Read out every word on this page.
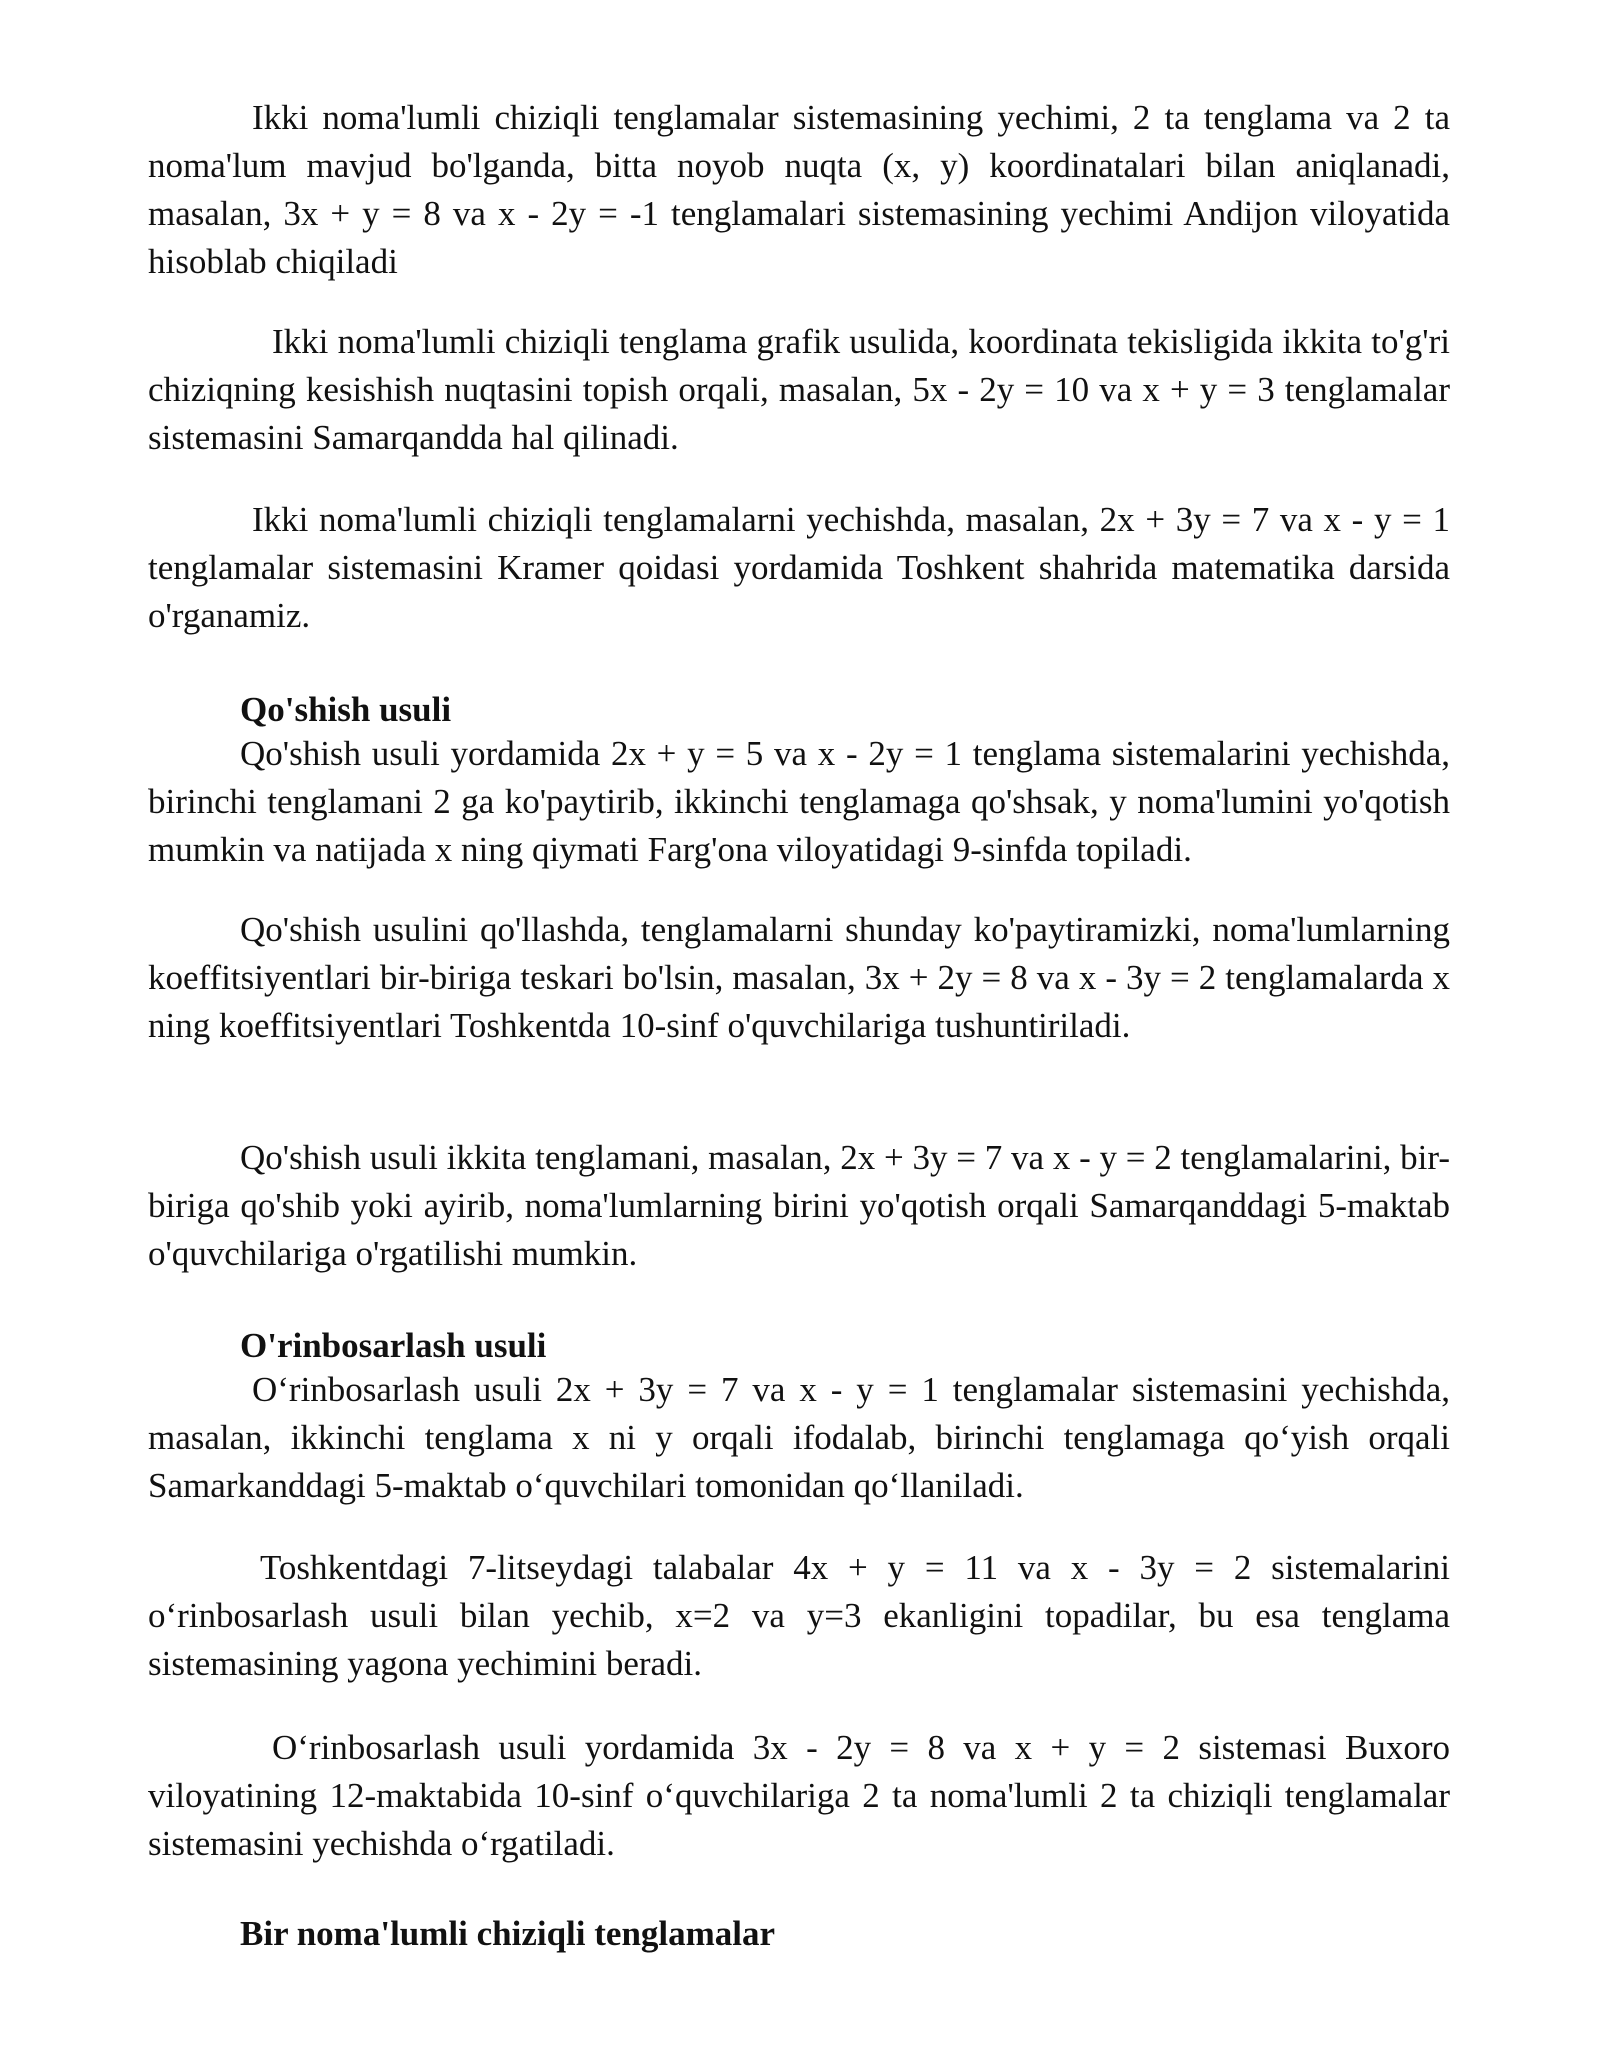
Ikki noma'lumli chiziqli tenglamalar sistemasining yechimi, 2 ta tenglama va 2 ta noma'lum mavjud bo'lganda, bitta noyob nuqta (x, y) koordinatalari bilan aniqlanadi, masalan, 3x + y = 8 va x - 2y = -1 tenglamalari sistemasining yechimi Andijon viloyatida hisoblab chiqiladi

Ikki noma'lumli chiziqli tenglama grafik usulida, koordinata tekisligida ikkita to'g'ri chiziqning kesishish nuqtasini topish orqali, masalan, 5x - 2y = 10 va x + y = 3 tenglamalar sistemasini Samarqandda hal qilinadi.

Ikki noma'lumli chiziqli tenglamalarni yechishda, masalan, 2x + 3y = 7 va x - y = 1 tenglamalar sistemasini Kramer qoidasi yordamida Toshkent shahrida matematika darsida o'rganamiz.

Qo'shish usuli

Qo'shish usuli yordamida 2x + y = 5 va x - 2y = 1 tenglama sistemalarini yechishda, birinchi tenglamani 2 ga ko'paytirib, ikkinchi tenglamaga qo'shsak, y noma'lumini yo'qotish mumkin va natijada x ning qiymati Farg'ona viloyatidagi 9-sinfda topiladi.

Qo'shish usulini qo'llashda, tenglamalarni shunday ko'paytiramizki, noma'lumlarning koeffitsiyentlari bir-biriga teskari bo'lsin, masalan, 3x + 2y = 8 va x - 3y = 2 tenglamalarda x ning koeffitsiyentlari Toshkentda 10-sinf o'quvchilariga tushuntiriladi.

Qo'shish usuli ikkita tenglamani, masalan, 2x + 3y = 7 va x - y = 2 tenglamalarini, bir-biriga qo'shib yoki ayirib, noma'lumlarning birini yo'qotish orqali Samarqanddagi 5-maktab o'quvchilariga o'rgatilishi mumkin.

O'rinbosarlash usuli

O‘rinbosarlash usuli 2x + 3y = 7 va x - y = 1 tenglamalar sistemasini yechishda, masalan, ikkinchi tenglama x ni y orqali ifodalab, birinchi tenglamaga qo‘yish orqali Samarkanddagi 5-maktab o‘quvchilari tomonidan qo‘llaniladi.

Toshkentdagi 7-litseydagi talabalar 4x + y = 11 va x - 3y = 2 sistemalarini o‘rinbosarlash usuli bilan yechib, x=2 va y=3 ekanligini topadilar, bu esa tenglama sistemasining yagona yechimini beradi.

O‘rinbosarlash usuli yordamida 3x - 2y = 8 va x + y = 2 sistemasi Buxoro viloyatining 12-maktabida 10-sinf o‘quvchilariga 2 ta noma'lumli 2 ta chiziqli tenglamalar sistemasini yechishda o‘rgatiladi.

Bir noma'lumli chiziqli tenglamalar
